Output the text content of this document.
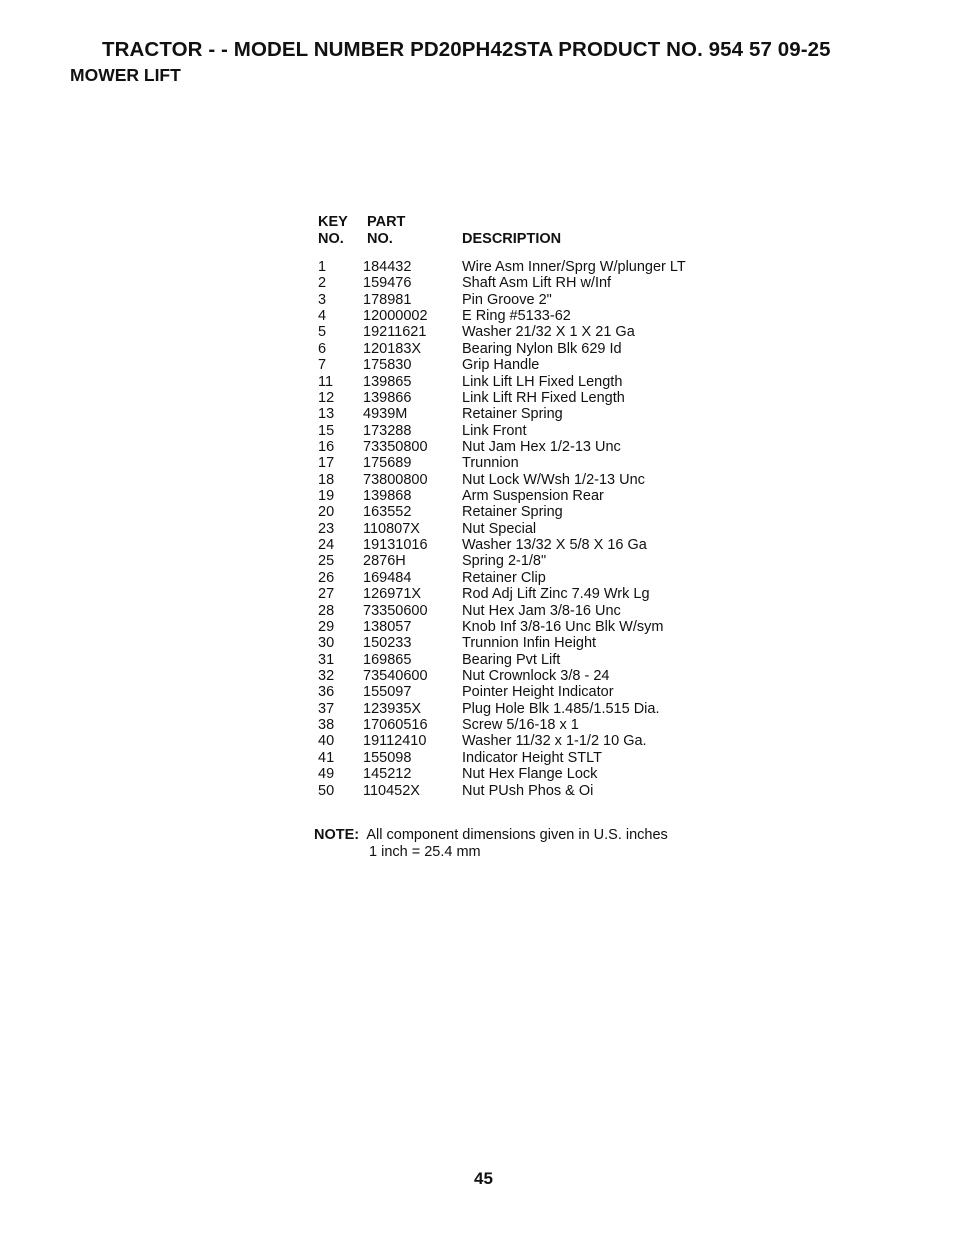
TRACTOR - - MODEL NUMBER PD20PH42STA PRODUCT NO. 954 57 09-25
MOWER LIFT
KEY
NO.
PART
NO.	DESCRIPTION
1	184432	Wire Asm Inner/Sprg W/plunger LT
2	159476	Shaft Asm Lift RH w/Inf
3	178981	Pin Groove 2"
4	12000002 E Ring #5133-62
5	19211621 Washer 21/32 X 1 X 21 Ga
6	120183X	Bearing Nylon Blk 629 Id
7	175830	Grip Handle
11 139865	Link Lift LH Fixed Length
12 139866	Link Lift RH Fixed Length
13 4939M	Retainer Spring
15 173288	Link Front
16 73350800 Nut Jam Hex 1/2-13 Unc
17 175689	Trunnion
18 73800800 Nut Lock W/Wsh 1/2-13 Unc
19 139868	Arm Suspension Rear
20 163552	Retainer Spring
23 110807X	Nut Special
24 19131016 Washer 13/32 X 5/8 X 16 Ga
25 2876H	Spring 2-1/8"
26 169484	Retainer Clip
27 126971X	Rod Adj Lift Zinc 7.49 Wrk Lg
28 73350600 Nut Hex Jam 3/8-16 Unc
29 138057	Knob Inf 3/8-16 Unc Blk W/sym
30 150233	Trunnion Infin Height
31 169865	Bearing Pvt Lift
32 73540600 Nut Crownlock 3/8 - 24
36 155097	Pointer Height Indicator
37 123935X	Plug Hole Blk 1.485/1.515 Dia.
38 17060516 Screw 5/16-18 x 1
40 19112410 Washer 11/32 x 1-1/2 10 Ga.
41 155098	Indicator Height STLT
49 145212	Nut Hex Flange Lock
50 110452X	Nut PUsh Phos & Oi
NOTE: All component dimensions given in U.S. inches
1 inch = 25.4 mm
45
